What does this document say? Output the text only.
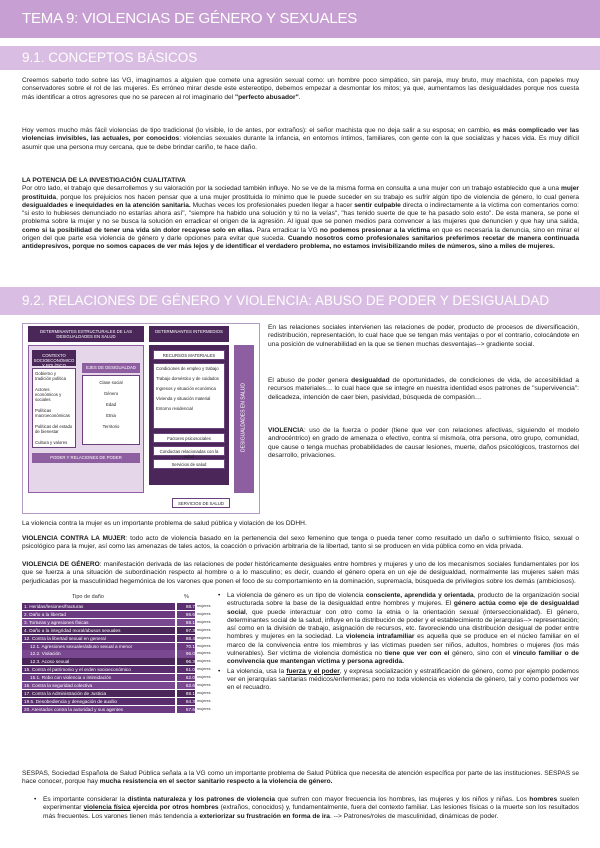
TEMA 9: VIOLENCIAS DE GÉNERO Y SEXUALES
9.1. CONCEPTOS BÁSICOS

Creemos saberlo todo sobre las VG, imaginamos a alguien que comete una agresión sexual como: un hombre poco simpático, sin pareja, muy bruto, muy machista, con papeles muy conservadores sobre el rol de las mujeres. Es erróneo mirar desde este estereotipo, debemos empezar a desmontar los mitos; ya que, aumentamos las desigualdades porque nos cuesta más identificar a otros agresores que no se parecen al rol imaginario del "perfecto abusador".

Hoy vemos mucho más fácil violencias de tipo tradicional (lo visible, lo de antes, por extraños): el señor machista que no deja salir a su esposa; en cambio, es más complicado ver las violencias invisibles, las actuales, por conocidos: violencias sexuales durante la infancia, en entornos íntimos, familiares, con gente con la que socializas y haces vida. Es muy difícil asumir que una persona muy cercana, que te debe brindar cariño, te hace daño.

LA POTENCIA DE LA INVESTIGACIÓN CUALITATIVA
Por otro lado, el trabajo que desarrollemos y su valoración por la sociedad también influye. No se ve de la misma forma en consulta a una mujer con un trabajo establecido que a una mujer prostituida, porque los prejuicios nos hacen pensar que a una mujer prostituida lo mínimo que le puede suceder en su trabajo es sufrir algún tipo de violencia de género, lo cual genera desigualdades e inequidades en la atención sanitaria. Muchas veces los profesionales pueden llegar a hacer sentir culpable directa o indirectamente a la víctima con comentarios como: "si esto lo hubieses denunciado no estarías ahora así", "siempre ha habido una solución y tú no la veías", "has tenido suerte de que te ha pasado solo esto". De esta manera, se pone el problema sobre la mujer y no se busca la solución en erradicar el origen de la agresión. Al igual que se ponen medios para convencer a las mujeres que denuncien y que hay una salida, como si la posibilidad de tener una vida sin dolor recayese solo en ellas. Para erradicar la VG no podemos presionar a la víctima en que es necesaria la denuncia, sino en mirar el origen del que parte esa violencia de género y darle opciones para evitar que suceda. Cuando nosotros como profesionales sanitarios preferimos recetar de manera continuada antidepresivos, porque no somos capaces de ver más lejos y de identificar el verdadero problema, no estamos invisibilizando miles de números, sino a miles de mujeres.

9.2. RELACIONES DE GÉNERO Y VIOLENCIA: ABUSO DE PODER Y DESIGUALDAD
DETERMINANTES ESTRUCTURALES DE LAS DESIGUALDADES EN SALUD
CONTEXTO SOCIOECONÓMICO Y POLÍTICO
Gobierno y tradición política
Actores económicos y sociales
Políticas macroeconómicas
Políticas del estado de bienestar
Cultura y valores
EJES DE DESIGUALDAD
Clase social
Género
Edad
Etnia
Territorio
PODER Y RELACIONES DE PODER
DETERMINANTES INTERMEDIOS
RECURSOS MATERIALES
Condiciones de empleo y trabajo
Trabajo doméstico y de cuidados
Ingresos y situación económica
Vivienda y situación material
Entorno residencial
Factores psicosociales
Conductas relacionadas con la salud
Servicios de salud
DESIGUALDADES EN SALUD
SERVICIOS DE SALUD

En las relaciones sociales intervienen las relaciones de poder, producto de procesos de diversificación, redistribución, representación, lo cual hace que se tengan más ventajas o por el contrario, colocándote en una posición de vulnerabilidad en la que se tienen muchas desventajas--> gradiente social.

El abuso de poder genera desigualdad de oportunidades, de condiciones de vida, de accesibilidad a recursos materiales… lo cual hace que se integre en nuestra identidad esos patrones de "supervivencia": delicadeza, intención de caer bien, pasividad, búsqueda de compasión…

VIOLENCIA: uso de la fuerza o poder (tiene que ver con relaciones afectivas, siguiendo el modelo androcéntrico) en grado de amenaza o efectivo, contra sí mismo/a, otra persona, otro grupo, comunidad, que cause o tenga muchas probabilidades de causar lesiones, muerte, daños psicológicos, trastornos del desarrollo, privaciones.

La violencia contra la mujer es un importante problema de salud pública y violación de los DDHH.

VIOLENCIA CONTRA LA MUJER: todo acto de violencia basado en la pertenencia del sexo femenino que tenga o pueda tener como resultado un daño o sufrimiento físico, sexual o psicológico para la mujer, así como las amenazas de tales actos, la coacción o privación arbitraria de la libertad, tanto si se producen en vida pública como en vida privada.

VIOLENCIA DE GÉNERO: manifestación derivada de las relaciones de poder históricamente desiguales entre hombres y mujeres y uno de los mecanismos sociales fundamentales por los que se fuerza a una situación de subordinación respecto al hombre o a lo masculino; es decir, cuando el género opera en un eje de desigualdad, normalmente las mujeres salen más perjudicadas por la masculinidad hegemónica de los varones que ponen el foco de su comportamiento en la dominación, supremacía, búsqueda de privilegios sobre los demás (ambiciosos).

Tipo de daño	%
1. Heridas/lesiones/fracturas	88.7 mujeres
2. Daño a la libertad	86.6 mujeres
3. Torturas y agresiones físicas	88.1 mujeres
4. Daño a la integridad moral/abusos sexuales	97.3 mujeres
12. Contra la libertad sexual en general	88.4 mujeres
12.1. Agresiones sexuales/abuso sexual a menor	70.1 mujeres
12.2. Violación	96.0 mujeres
12.3. Acoso sexual	96.3 mujeres
15. Contra el patrimonio y el orden socioeconómico	61.0 mujeres
15.1. Robo con violencia o intimidación	62.0 mujeres
16. Contra la seguridad colectiva	62.6 mujeres
17. Contra la Administración de Justicia	88.1 mujeres
19.5. Desobediencia y denegación de auxilio	84.3 mujeres
20. Atentados contra la autoridad y sus agentes	57.6 mujeres

• La violencia de género es un tipo de violencia consciente, aprendida y orientada, producto de la organización social estructurada sobre la base de la desigualdad entre hombres y mujeres. El género actúa como eje de desigualdad social, que puede interactuar con otro como la etnia o la orientación sexual (interseccionalidad). El género, determinantes social de la salud, influye en la distribución de poder y el establecimiento de jerarquías--> representación; así como en la división de trabajo, asignación de recursos, etc. favoreciendo una distribución desigual de poder entre hombres y mujeres en la sociedad. La violencia intrafamiliar es aquella que se produce en el núcleo familiar en el marco de la convivencia entre los miembros y las víctimas pueden ser niños, adultos, hombres o mujeres (los más vulnerables). Ser víctima de violencia doméstica no tiene que ver con el género, sino con el vínculo familiar o de convivencia que mantengan víctima y persona agredida.

• La violencia, usa la fuerza y el poder, y expresa socialización y estratificación de género, como por ejemplo podemos ver en jerarquías sanitarias médicos/enfermeras; pero no toda violencia es violencia de género, tal y como podemos ver en el recuadro.

SESPAS, Sociedad Española de Salud Pública señala a la VG como un importante problema de Salud Pública que necesita de atención específica por parte de las instituciones. SESPAS se hace conocer, porque hay mucha resistencia en el sector sanitario respecto a la violencia de género.

• Es importante considerar la distinta naturaleza y los patrones de violencia que sufren con mayor frecuencia los hombres, las mujeres y los niños y niñas. Los hombres suelen experimentar violencia física ejercida por otros hombres (extraños, conocidos) y, fundamentalmente, fuera del contexto familiar. Las lesiones físicas o la muerte son los resultados más frecuentes. Los varones tienen más tendencia a exteriorizar su frustración en forma de ira. --> Patrones/roles de masculinidad, dinámicas de poder.
